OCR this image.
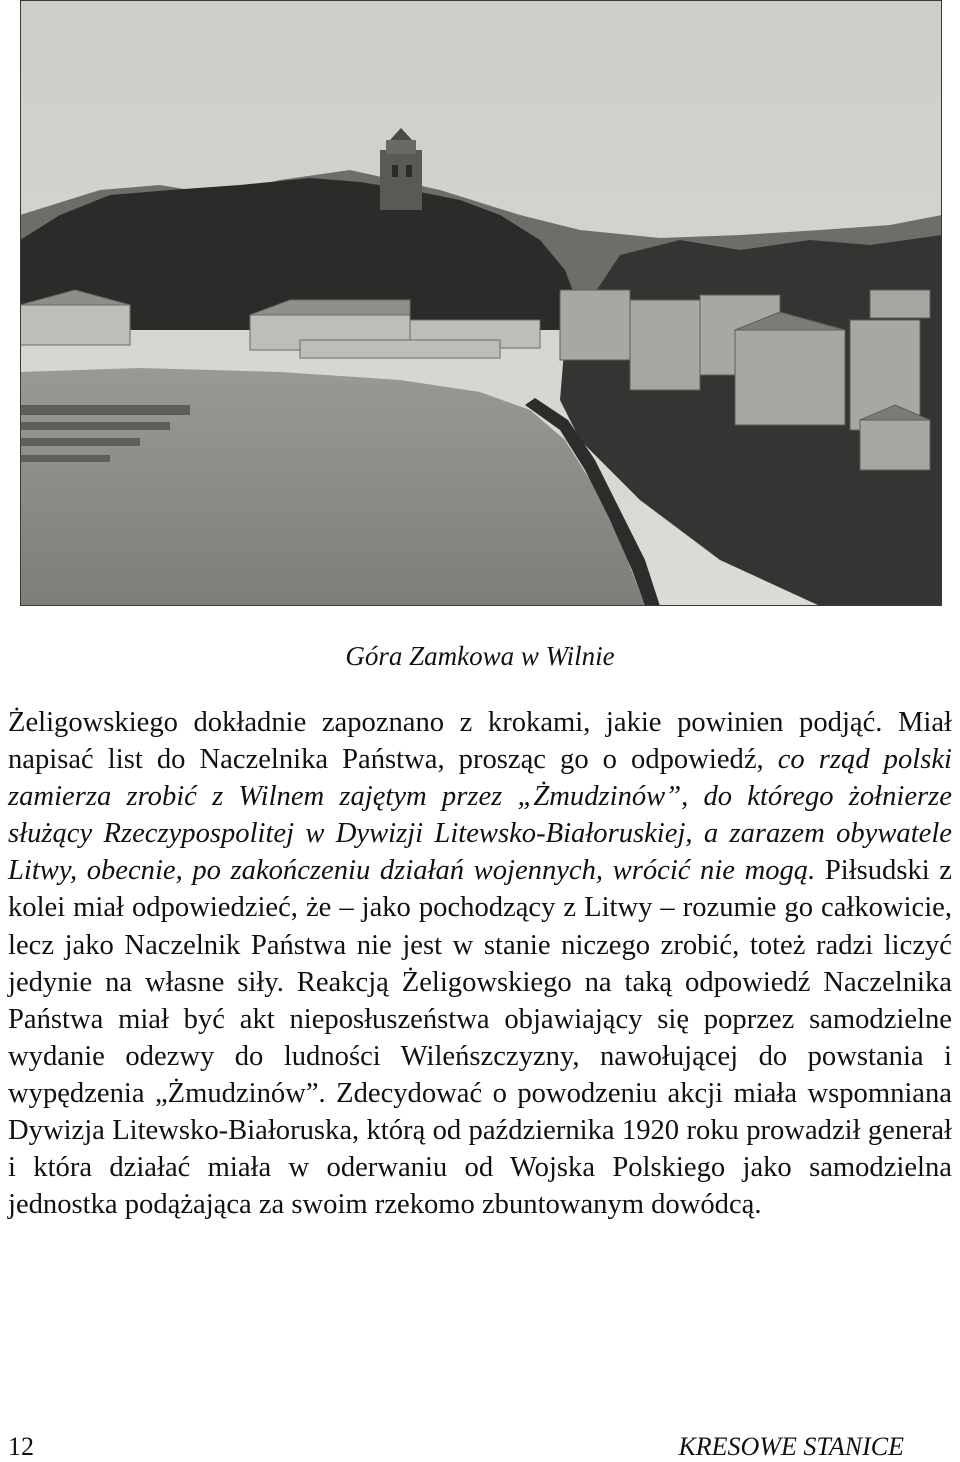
Góra Zamkowa w Wilnie
Żeligowskiego dokładnie zapoznano z krokami, jakie powinien podjąć. Miał napisać list do Naczelnika Państwa, prosząc go o odpowiedź, co rząd polski zamierza zrobić z Wilnem zajętym przez „Żmudzinów”, do którego żołnierze służący Rzeczypospolitej w Dywizji Litewsko-Białoruskiej, a zarazem obywatele Litwy, obecnie, po zakończeniu działań wojennych, wrócić nie mogą. Piłsudski z kolei miał odpowiedzieć, że – jako pochodzący z Litwy – rozumie go całkowicie, lecz jako Naczelnik Państwa nie jest w stanie niczego zrobić, toteż radzi liczyć jedynie na własne siły. Reakcją Żeligowskiego na taką odpowiedź Naczelnika Państwa miał być akt nieposłuszeństwa objawiający się poprzez samodzielne wydanie odezwy do ludności Wileńszczyzny, nawołującej do powstania i wypędzenia „Żmudzinów”. Zdecydować o powodzeniu akcji miała wspomniana Dywizja Litewsko-Białoruska, którą od października 1920 roku prowadził generał i która działać miała w oderwaniu od Wojska Polskiego jako samodzielna jednostka podążająca za swoim rzekomo zbuntowanym dowódcą.
12	KRESOWE STANICE
